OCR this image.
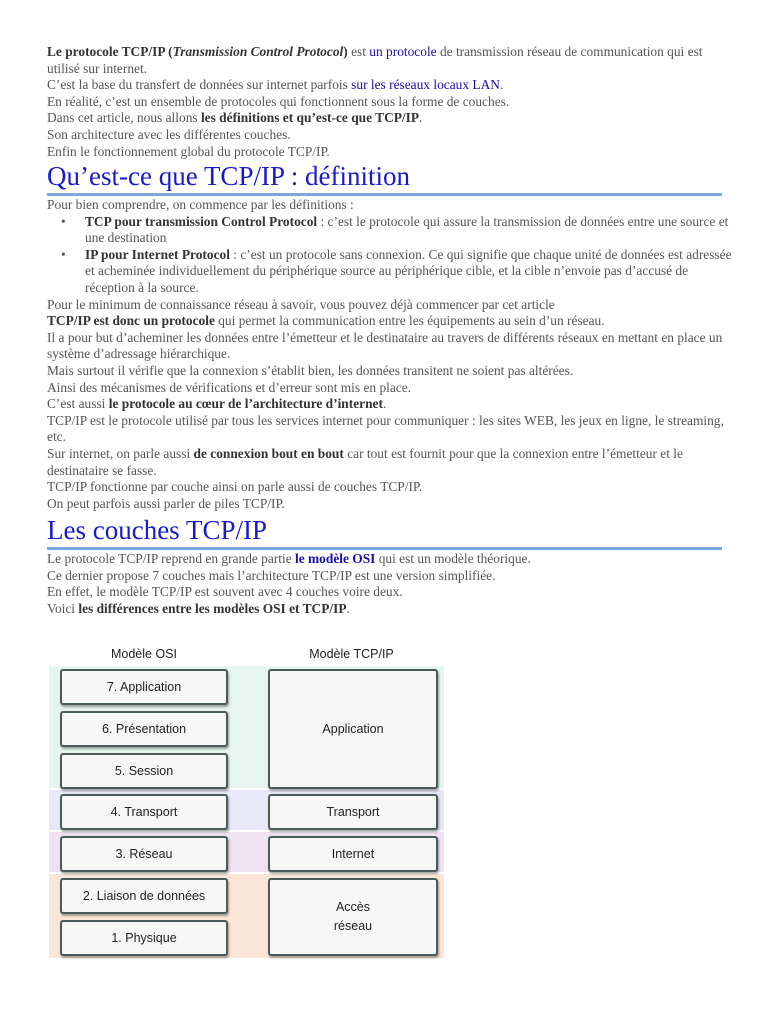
Le protocole TCP/IP (Transmission Control Protocol) est un protocole de transmission réseau de communication qui est utilisé sur internet.

C’est la base du transfert de données sur internet parfois sur les réseaux locaux LAN.

En réalité, c’est un ensemble de protocoles qui fonctionnent sous la forme de couches.

Dans cet article, nous allons les définitions et qu’est-ce que TCP/IP.

Son architecture avec les différentes couches.

Enfin le fonctionnement global du protocole TCP/IP.

Qu’est-ce que TCP/IP : définition

Pour bien comprendre, on commence par les définitions :

• TCP pour transmission Control Protocol : c’est le protocole qui assure la transmission de données entre une source et une destination
• IP pour Internet Protocol : c’est un protocole sans connexion. Ce qui signifie que chaque unité de données est adressée et acheminée individuellement du périphérique source au périphérique cible, et la cible n’envoie pas d’accusé de réception à la source.

Pour le minimum de connaissance réseau à savoir, vous pouvez déjà commencer par cet article

TCP/IP est donc un protocole qui permet la communication entre les équipements au sein d’un réseau.

Il a pour but d’acheminer les données entre l’émetteur et le destinataire au travers de différents réseaux en mettant en place un système d’adressage hiérarchique.

Mais surtout il vérifie que la connexion s’établit bien, les données transitent ne soient pas altérées.

Ainsi des mécanismes de vérifications et d’erreur sont mis en place.

C’est aussi le protocole au cœur de l’architecture d’internet.

TCP/IP est le protocole utilisé par tous les services internet pour communiquer : les sites WEB, les jeux en ligne, le streaming, etc.

Sur internet, on parle aussi de connexion bout en bout car tout est fournit pour que la connexion entre l’émetteur et le destinataire se fasse.

TCP/IP fonctionne par couche ainsi on parle aussi de couches TCP/IP.

On peut parfois aussi parler de piles TCP/IP.

Les couches TCP/IP

Le protocole TCP/IP reprend en grande partie le modèle OSI qui est un modèle théorique.

Ce dernier propose 7 couches mais l’architecture TCP/IP est une version simplifiée.

En effet, le modèle TCP/IP est souvent avec 4 couches voire deux.

Voici les différences entre les modèles OSI et TCP/IP.

Modèle OSI	Modèle TCP/IP
7. Application
6. Présentation
5. Session
4. Transport
3. Réseau
2. Liaison de données
1. Physique
Application
Transport
Internet
Accès
réseau
